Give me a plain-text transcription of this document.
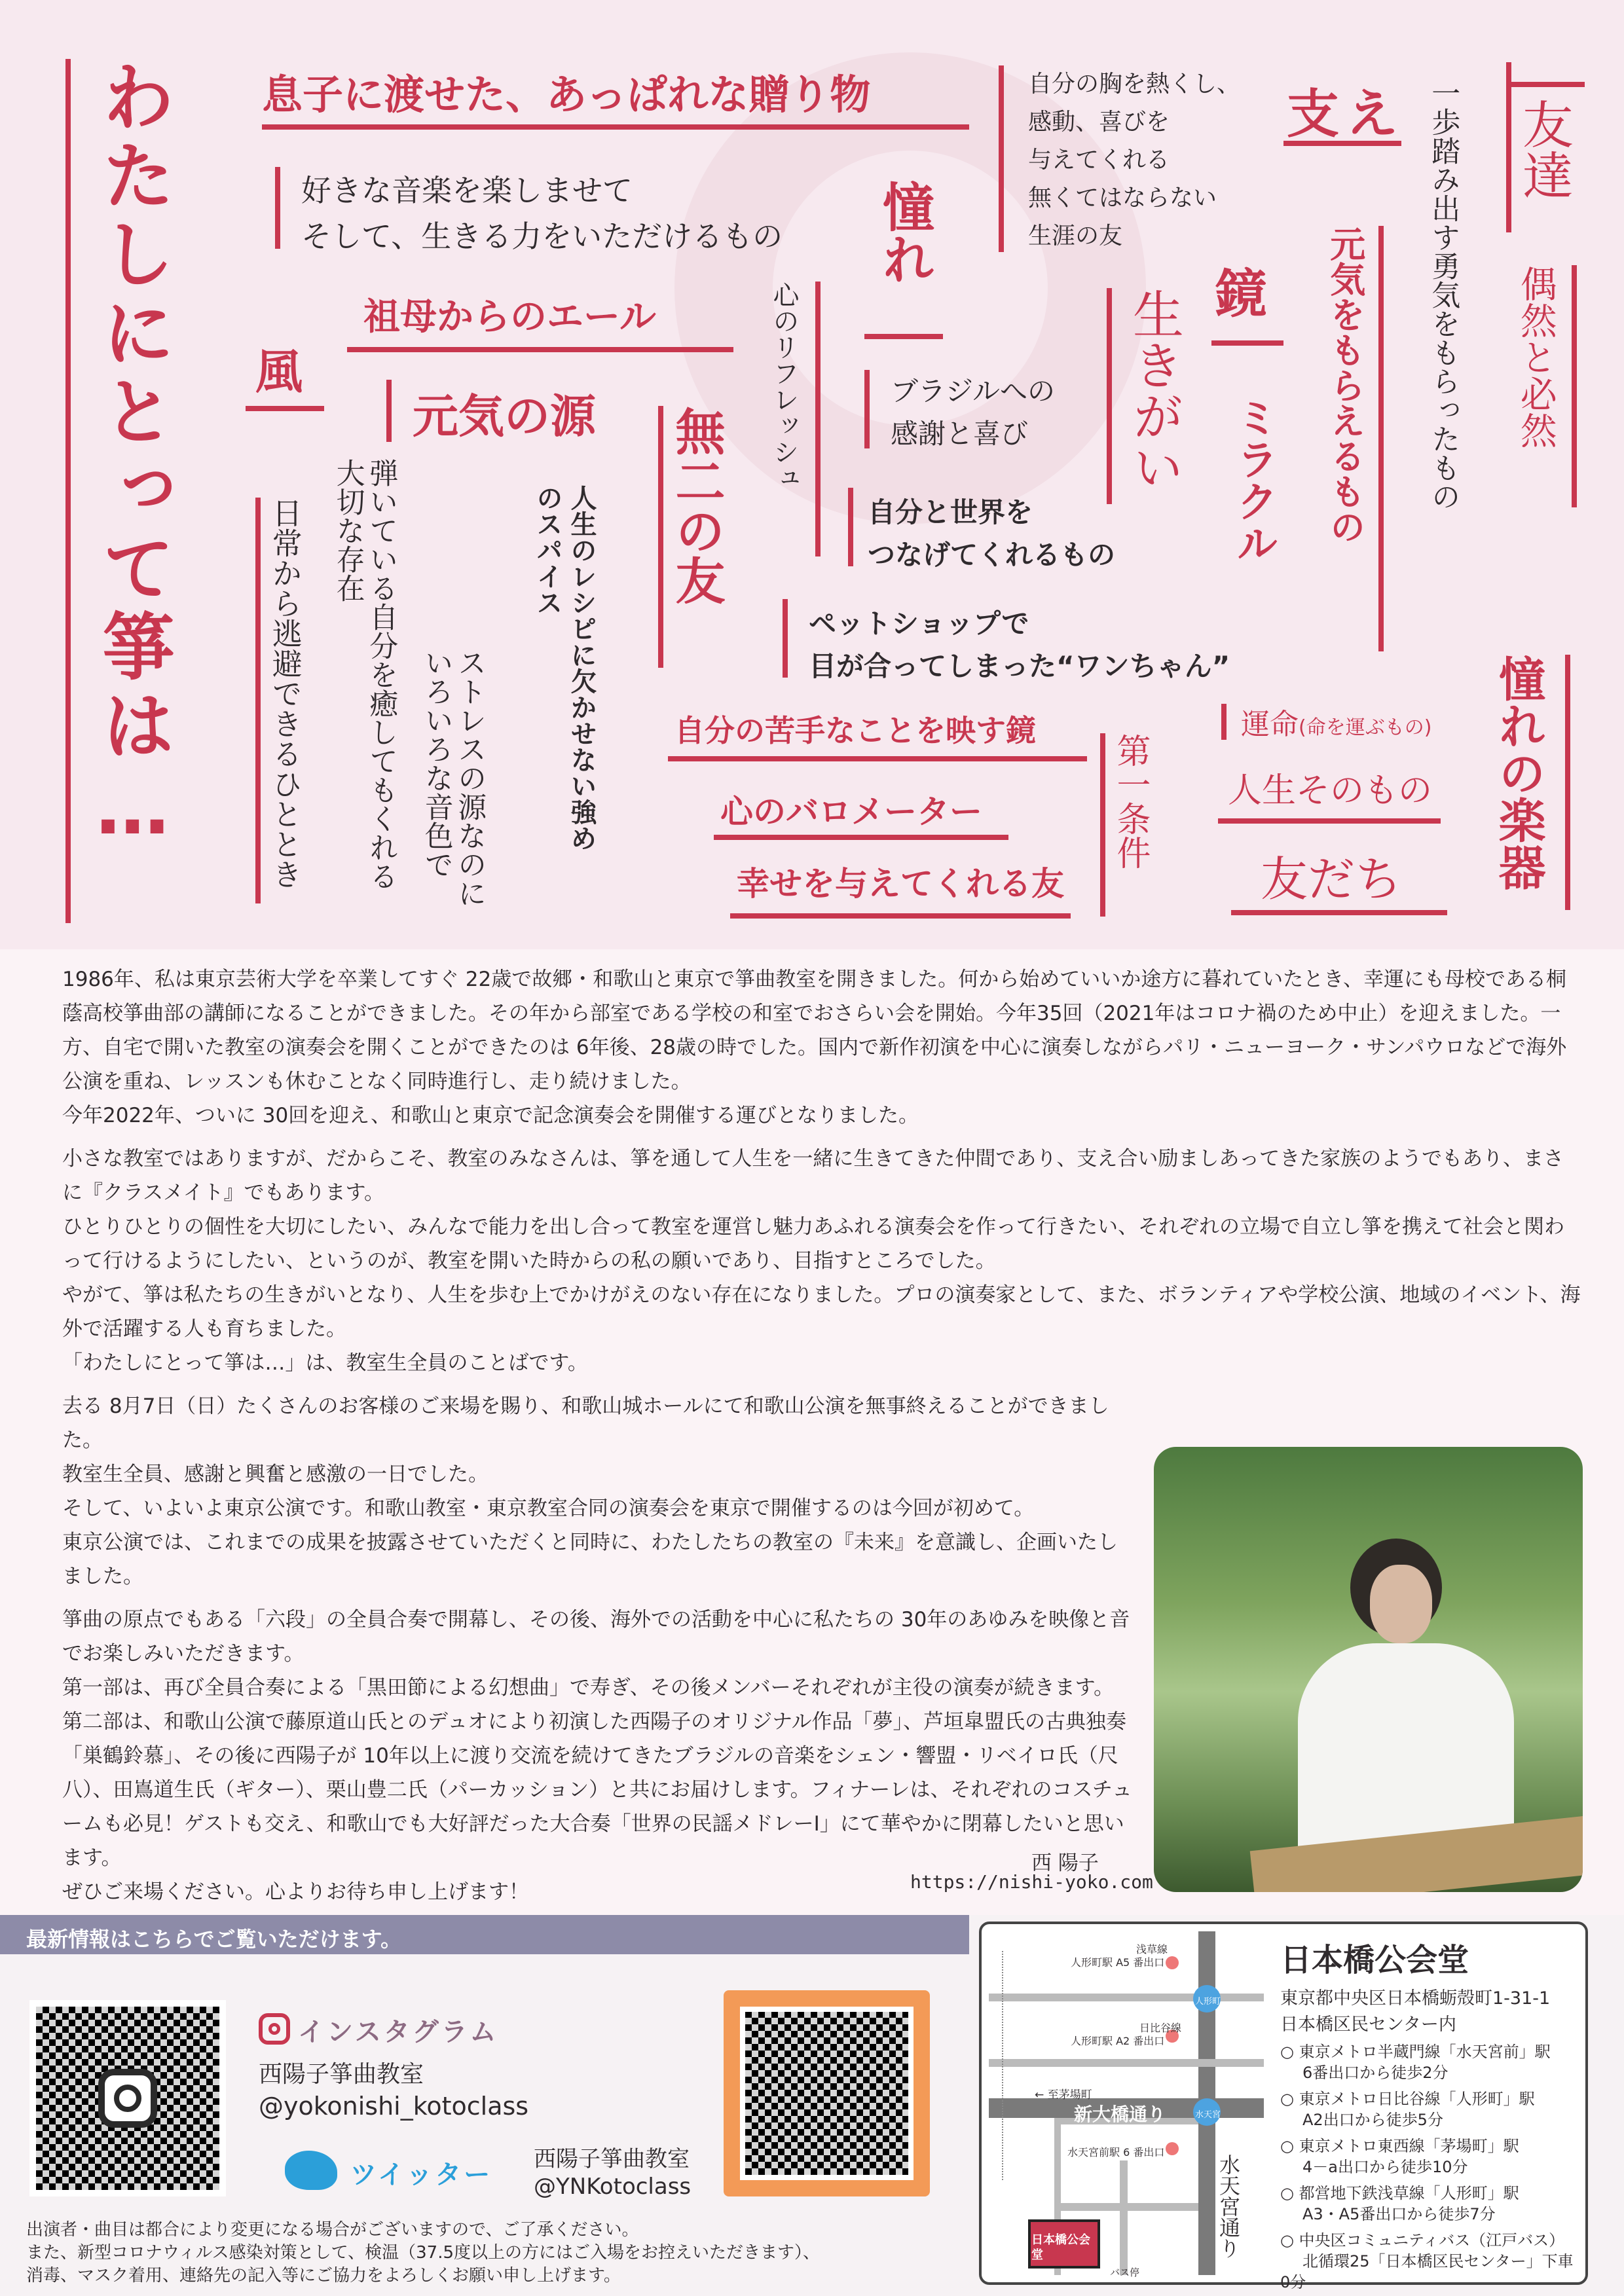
わたしにとって箏は… 息子に渡せた、あっぱれな贈り物
好きな音楽を楽しませて
そして、生きる力をいただけるもの
祖母からのエール
元気の源
風
日常から逃避できるひととき	弾いている自分を癒してもくれる大切な存在
ストレスの源なのにいろいろな音色で	人生のレシピに欠かせない強めのスパイス
心のリフレッシュ
無二の友
憧れ
ブラジルへの
感謝と喜び
自分と世界を
つなげてくれるもの
ペットショップで
目が合ってしまった“ワンちゃん”
自分の苦手なことを映す鏡
心のバロメーター
幸せを与えてくれる友
第一条件
生きがい 鏡
ミラクル
支え
自分の胸を熱くし、
感動、喜びを
与えてくれる
無くてはならない
生涯の友	元気をもらえるもの 一歩踏み出す勇気をもらったもの 友達
偶然と必然
憧れの楽器
運命(命を運ぶもの)
人生そのもの
友だち

1986年、私は東京芸術大学を卒業してすぐ 22歳で故郷・和歌山と東京で箏曲教室を開きました。何から始めていいか途方に暮れていたとき、幸運にも母校である桐蔭高校箏曲部の講師になることができました。その年から部室である学校の和室でおさらい会を開始。今年35回（2021年はコロナ禍のため中止）を迎えました。一方、自宅で開いた教室の演奏会を開くことができたのは 6年後、28歳の時でした。国内で新作初演を中心に演奏しながらパリ・ニューヨーク・サンパウロなどで海外公演を重ね、レッスンも休むことなく同時進行し、走り続けました。

今年2022年、ついに 30回を迎え、和歌山と東京で記念演奏会を開催する運びとなりました。

小さな教室ではありますが、だからこそ、教室のみなさんは、箏を通して人生を一緒に生きてきた仲間であり、支え合い励ましあってきた家族のようでもあり、まさに『クラスメイト』でもあります。

ひとりひとりの個性を大切にしたい、みんなで能力を出し合って教室を運営し魅力あふれる演奏会を作って行きたい、それぞれの立場で自立し箏を携えて社会と関わって行けるようにしたい、というのが、教室を開いた時からの私の願いであり、目指すところでした。

やがて、箏は私たちの生きがいとなり、人生を歩む上でかけがえのない存在になりました。プロの演奏家として、また、ボランティアや学校公演、地域のイベント、海外で活躍する人も育ちました。

「わたしにとって箏は…」は、教室生全員のことばです。

去る 8月7日（日）たくさんのお客様のご来場を賜り、和歌山城ホールにて和歌山公演を無事終えることができました。

教室生全員、感謝と興奮と感激の一日でした。

そして、いよいよ東京公演です。和歌山教室・東京教室合同の演奏会を東京で開催するのは今回が初めて。

東京公演では、これまでの成果を披露させていただくと同時に、わたしたちの教室の『未来』を意識し、企画いたしました。

箏曲の原点でもある「六段」の全員合奏で開幕し、その後、海外での活動を中心に私たちの 30年のあゆみを映像と音でお楽しみいただきます。

第一部は、再び全員合奏による「黒田節による幻想曲」で寿ぎ、その後メンバーそれぞれが主役の演奏が続きます。

第二部は、和歌山公演で藤原道山氏とのデュオにより初演した西陽子のオリジナル作品「夢」、芦垣皐盟氏の古典独奏「巣鶴鈴慕」、その後に西陽子が 10年以上に渡り交流を続けてきたブラジルの音楽をシェン・響盟・リベイロ氏（尺八）、田嶌道生氏（ギター）、栗山豊二氏（パーカッション）と共にお届けします。フィナーレは、それぞれのコスチュームも必見！ゲストも交え、和歌山でも大好評だった大合奏「世界の民謡メドレーⅠ」にて華やかに閉幕したいと思います。

ぜひご来場ください。心よりお待ち申し上げます！

西 陽子
https://nishi-yoko.com
最新情報はこちらでご覧いただけます。
インスタグラム
西陽子箏曲教室
@yokonishi_kotoclass
ツイッター
西陽子箏曲教室
@YNKotoclass
出演者・曲目は都合により変更になる場合がございますので、ご了承ください。
また、新型コロナウィルス感染対策として、検温（37.5度以上の方にはご入場をお控えいただきます）、
消毒、マスク着用、連絡先の記入等にご協力をよろしくお願い申し上げます。
浅草線
人形町駅 A5 番出口
日比谷線
人形町駅 A2 番出口
人形町
← 至茅場町
新大橋通り	水天宮
水天宮前駅 6 番出口
水天宮通り
日本橋公会堂
バス停
日本橋公会堂
東京都中央区日本橋蛎殻町1-31-1
日本橋区民センター内
○ 東京メトロ半蔵門線「水天宮前」駅
6番出口から徒歩2分
○ 東京メトロ日比谷線「人形町」駅
A2出口から徒歩5分
○ 東京メトロ東西線「茅場町」駅
4－a出口から徒歩10分
○ 都営地下鉄浅草線「人形町」駅
A3・A5番出口から徒歩7分
○ 中央区コミュニティバス（江戸バス）
北循環25「日本橋区民センター」下車0分
